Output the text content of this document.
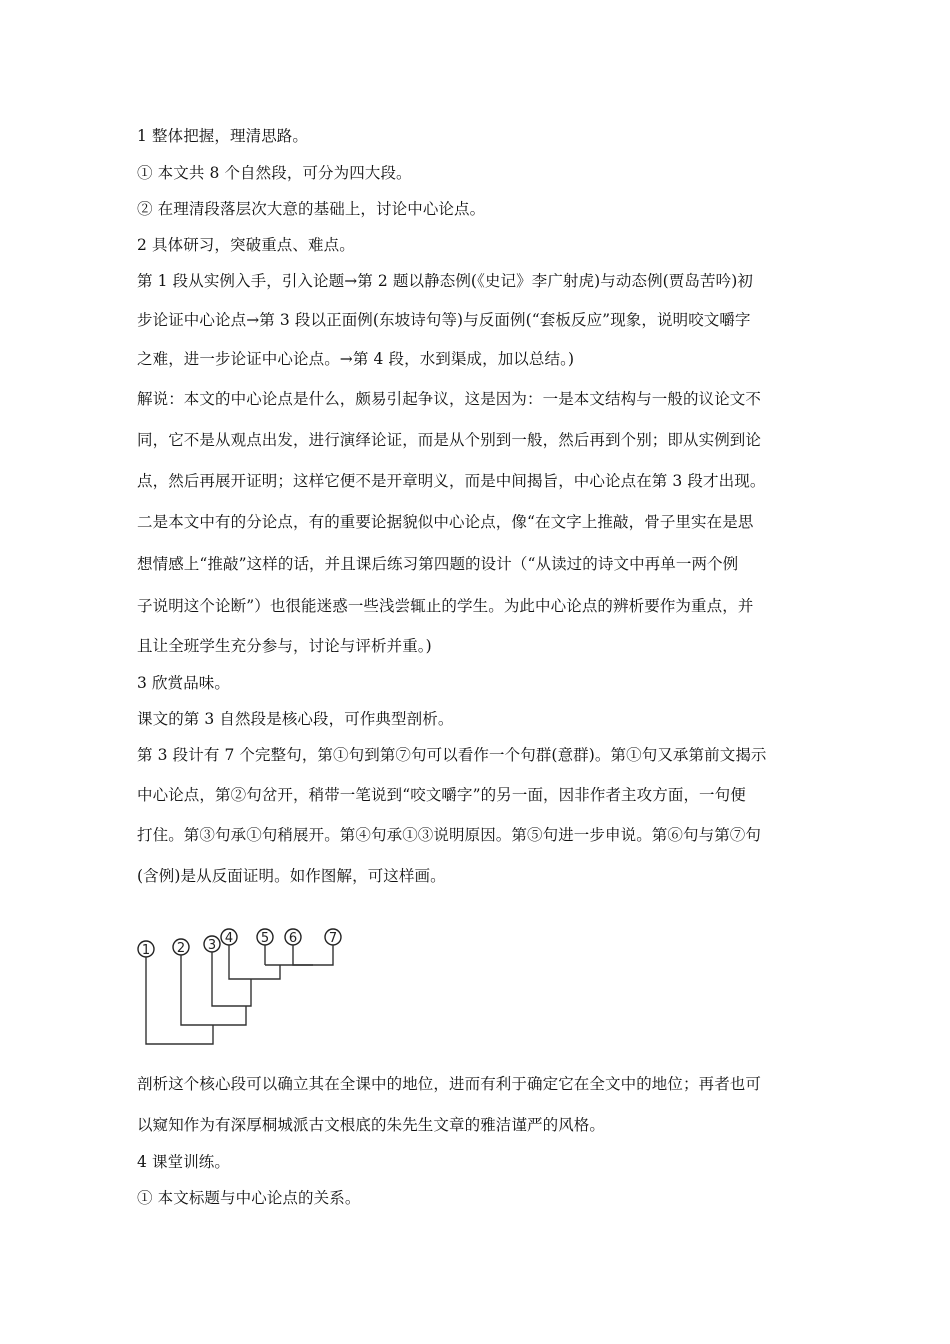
1 整体把握，理清思路。

① 本文共 8 个自然段，可分为四大段。

② 在理清段落层次大意的基础上，讨论中心论点。

2 具体研习，突破重点、难点。

第 1 段从实例入手，引入论题→第 2 题以静态例(《史记》李广射虎)与动态例(贾岛苦吟)初

步论证中心论点→第 3 段以正面例(东坡诗句等)与反面例(“套板反应”现象，说明咬文嚼字

之难，进一步论证中心论点。→第 4 段，水到渠成，加以总结。)

解说：本文的中心论点是什么，颇易引起争议，这是因为：一是本文结构与一般的议论文不

同，它不是从观点出发，进行演绎论证，而是从个别到一般，然后再到个别；即从实例到论

点，然后再展开证明；这样它便不是开章明义，而是中间揭旨，中心论点在第 3 段才出现。

二是本文中有的分论点，有的重要论据貌似中心论点，像“在文字上推敲，骨子里实在是思

想情感上“推敲”这样的话，并且课后练习第四题的设计（“从读过的诗文中再单一两个例

子说明这个论断”）也很能迷惑一些浅尝辄止的学生。为此中心论点的辨析要作为重点，并

且让全班学生充分参与，讨论与评析并重。)

3 欣赏品味。

课文的第 3 自然段是核心段，可作典型剖析。

第 3 段计有 7 个完整句，第①句到第⑦句可以看作一个句群(意群)。第①句又承第前文揭示

中心论点，第②句岔开，稍带一笔说到“咬文嚼字”的另一面，因非作者主攻方面，一句便

打住。第③句承①句稍展开。第④句承①③说明原因。第⑤句进一步申说。第⑥句与第⑦句

(含例)是从反面证明。如作图解，可这样画。

1 2 3 4 5 6 7

剖析这个核心段可以确立其在全课中的地位，进而有利于确定它在全文中的地位；再者也可

以窥知作为有深厚桐城派古文根底的朱先生文章的雅洁谨严的风格。

4 课堂训练。

① 本文标题与中心论点的关系。
